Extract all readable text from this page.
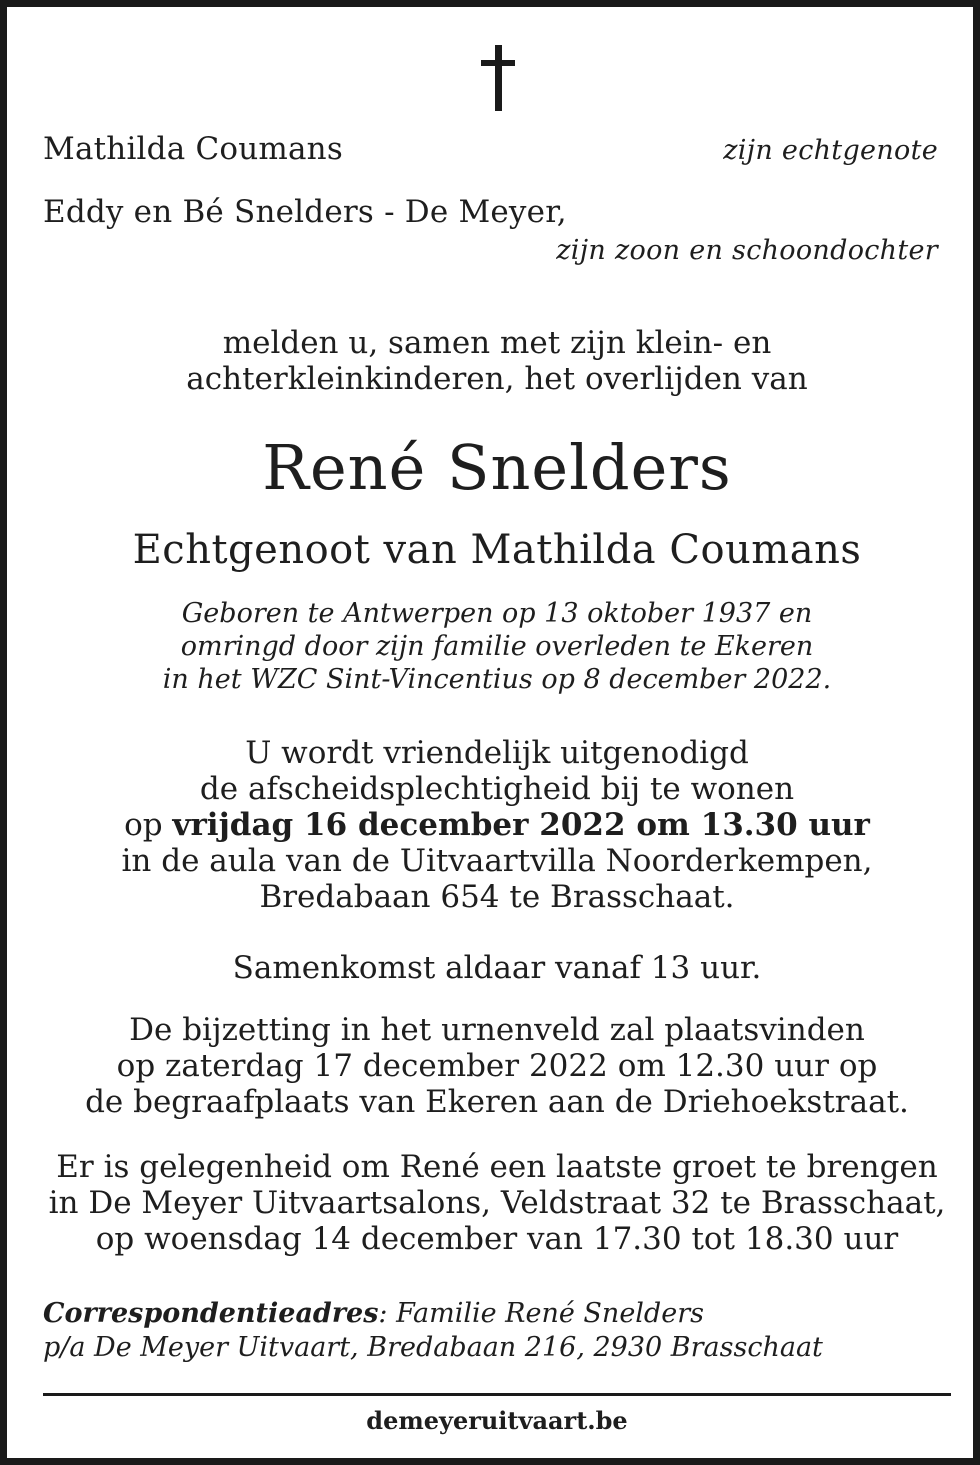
Mathilda Coumans	zijn echtgenote

Eddy en Bé Snelders - De Meyer,

zijn zoon en schoondochter

melden u, samen met zijn klein- en
achterkleinkinderen, het overlijden van

René Snelders

Echtgenoot van Mathilda Coumans

Geboren te Antwerpen op 13 oktober 1937 en
omringd door zijn familie overleden te Ekeren
in het WZC Sint-Vincentius op 8 december 2022.
U wordt vriendelijk uitgenodigd
de afscheidsplechtigheid bij te wonen
op vrijdag 16 december 2022 om 13.30 uur
in de aula van de Uitvaartvilla Noorderkempen,
Bredabaan 654 te Brasschaat.

Samenkomst aldaar vanaf 13 uur.

De bijzetting in het urnenveld zal plaatsvinden
op zaterdag 17 december 2022 om 12.30 uur op
de begraafplaats van Ekeren aan de Driehoekstraat.
Er is gelegenheid om René een laatste groet te brengen
in De Meyer Uitvaartsalons, Veldstraat 32 te Brasschaat,
op woensdag 14 december van 17.30 tot 18.30 uur
Correspondentieadres: Familie René Snelders
p/a De Meyer Uitvaart, Bredabaan 216, 2930 Brasschaat

demeyeruitvaart.be
